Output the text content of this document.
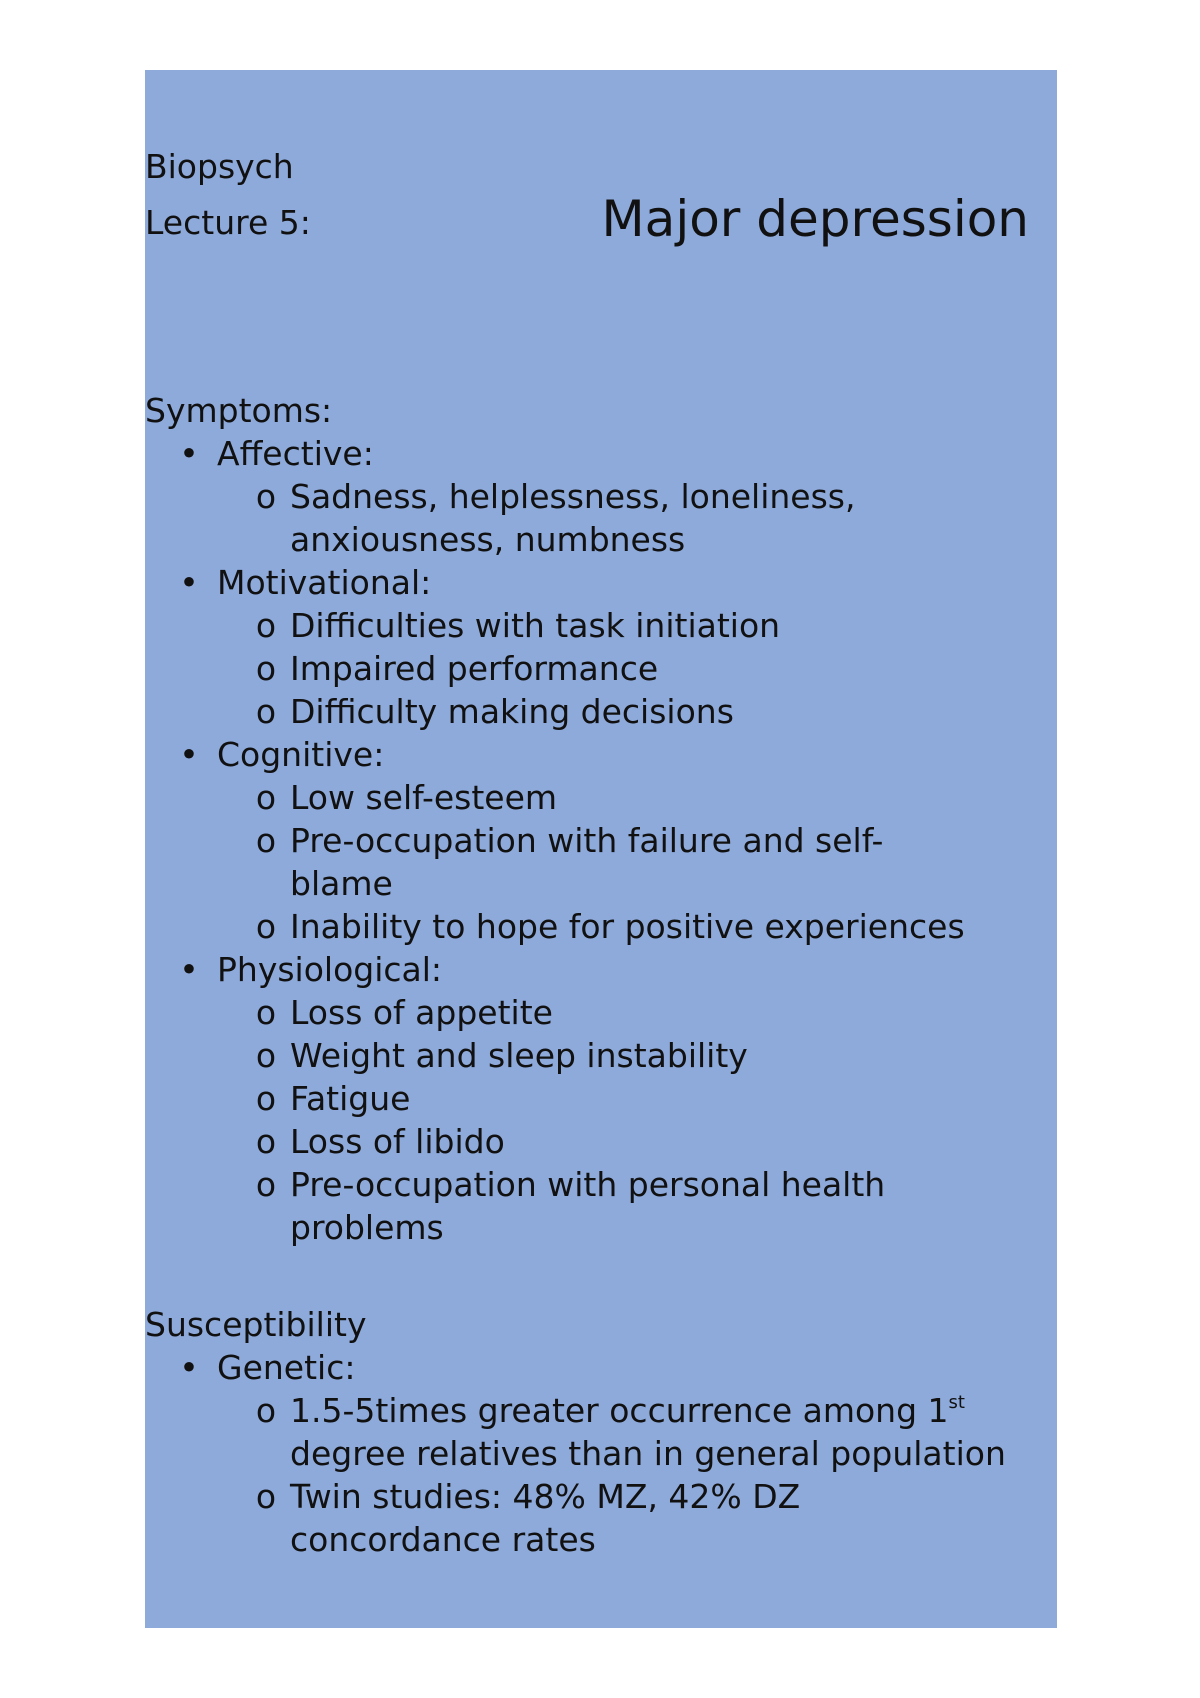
Biopsych
Lecture 5:	Major depression
Symptoms:
• Affective:
o Sadness, helplessness, loneliness, anxiousness, numbness
• Motivational:
o Difficulties with task initiation
o Impaired performance
o Difficulty making decisions
• Cognitive:
o Low self-esteem
o Pre-occupation with failure and self-blame
o Inability to hope for positive experiences
• Physiological:
o Loss of appetite
o Weight and sleep instability
o Fatigue
o Loss of libido
o Pre-occupation with personal health problems
Susceptibility
• Genetic:
o 1.5-5times greater occurrence among 1st degree relatives than in general population
o Twin studies: 48% MZ, 42% DZ concordance rates
